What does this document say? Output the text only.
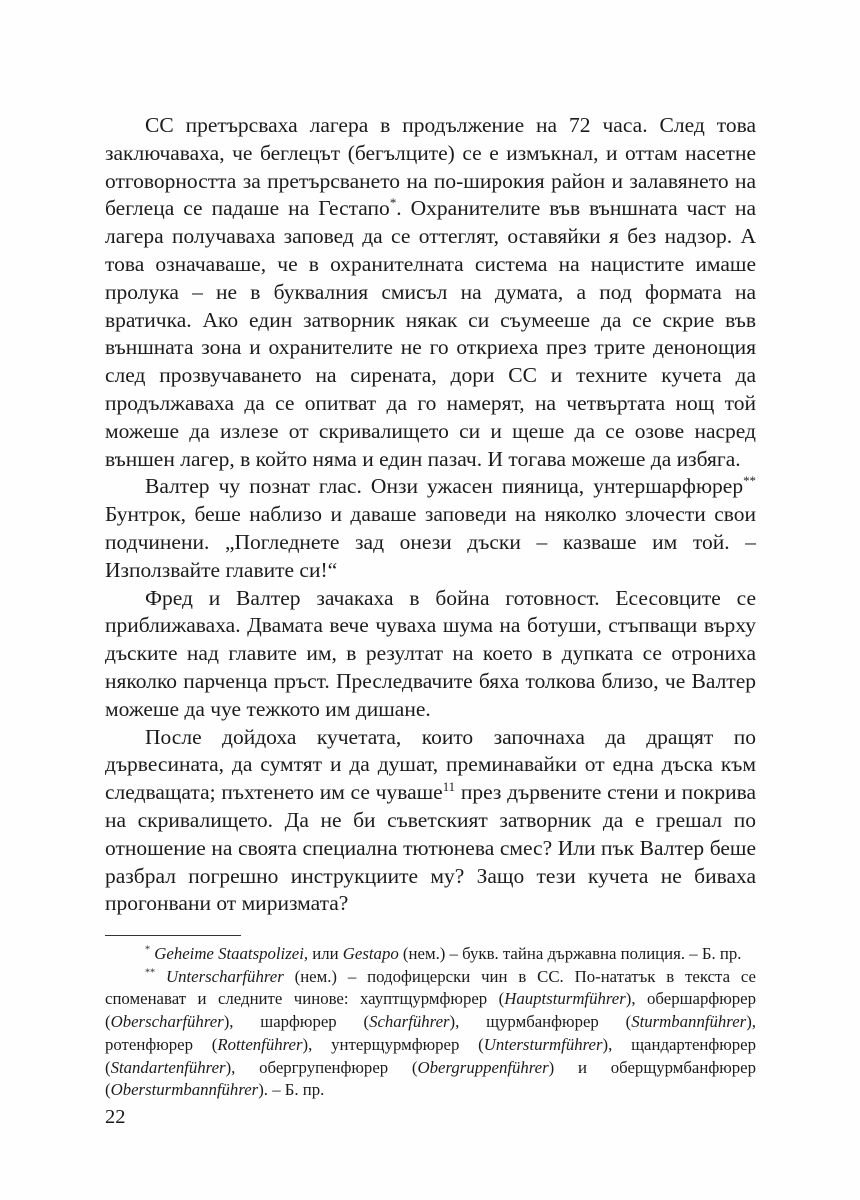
СС претърсваха лагера в продължение на 72 часа. След това заключаваха, че беглецът (бегълците) се е измъкнал, и оттам насетне отговорността за претърсването на по-широкия район и залавянето на беглеца се падаше на Гестапо*. Охранителите във външната част на лагера получаваха заповед да се оттеглят, оставяйки я без надзор. А това означаваше, че в охранителната система на нацистите имаше пролука – не в буквалния смисъл на думата, а под формата на вратичка. Ако един затворник някак си съумееше да се скрие във външната зона и охранителите не го откриеха през трите денонощия след прозвучаването на сирената, дори СС и техните кучета да продължаваха да се опитват да го намерят, на четвъртата нощ той можеше да излезе от скривалището си и щеше да се озове насред външен лагер, в който няма и един пазач. И тогава можеше да избяга.

Валтер чу познат глас. Онзи ужасен пияница, унтершарфюрер** Бунтрок, беше наблизо и даваше заповеди на няколко злочести свои подчинени. „Погледнете зад онези дъски – казваше им той. – Използвайте главите си!“

Фред и Валтер зачакаха в бойна готовност. Есесовците се приближаваха. Двамата вече чуваха шума на ботуши, стъпващи върху дъските над главите им, в резултат на което в дупката се отрониха няколко парченца пръст. Преследвачите бяха толкова близо, че Валтер можеше да чуе тежкото им дишане.

После дойдоха кучетата, които започнаха да дращят по дървесината, да сумтят и да душат, преминавайки от една дъска към следващата; пъхтенето им се чуваше$^{11}$ през дървените стени и покрива на скривалището. Да не би съветският затворник да е грешал по отношение на своята специална тютюнева смес? Или пък Валтер беше разбрал погрешно инструкциите му? Защо тези кучета не биваха прогонвани от миризмата?

* Geheime Staatspolizei, или Gestapo (нем.) – букв. тайна държавна полиция. – Б. пр.

** Unterscharführer (нем.) – подофицерски чин в СС. По-нататък в текста се споменават и следните чинове: хауптщурмфюрер (Hauptsturmführer), обершарфюрер (Oberscharführer), шарфюрер (Scharführer), щурмбанфюрер (Sturmbannführer), ротенфюрер (Rottenführer), унтерщурмфюрер (Untersturmführer), щандартенфюрер (Standartenführer), обергрупенфюрер (Obergruppenführer) и оберщурмбанфюрер (Obersturmbannführer). – Б. пр.

22
